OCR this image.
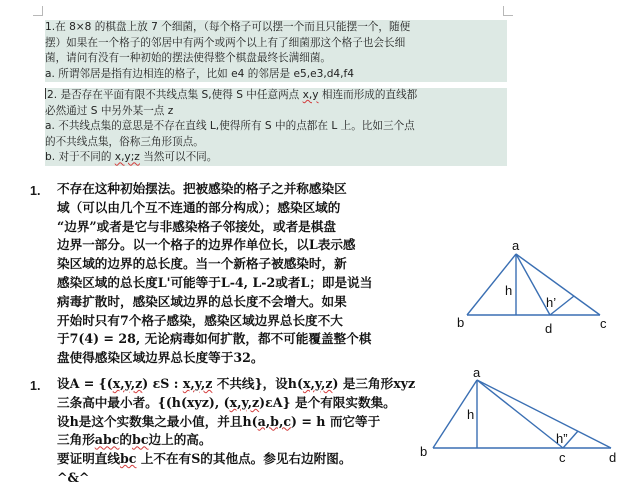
1.在 8×8 的棋盘上放 7 个细菌，（每个格子可以摆一个而且只能摆一个，随便

摆）如果在一个格子的邻居中有两个或两个以上有了细菌那这个格子也会长细

菌，请问有没有一种初始的摆法使得整个棋盘最终长满细菌。

a. 所谓邻居是指有边相连的格子，比如 e4 的邻居是 e5,e3,d4,f4

2. 是否存在平面有限不共线点集 S,使得 S 中任意两点 x,y 相连而形成的直线都

必然通过 S 中另外某一点 z

a. 不共线点集的意思是不存在直线 L,使得所有 S 中的点都在 L 上。比如三个点

的不共线点集，俗称三角形顶点。

b. 对于不同的 x,y;z 当然可以不同。

1. 不存在这种初始摆法。把被感染的格子之并称感染区

域（可以由几个互不连通的部分构成）；感染区域的

“边界”或者是它与非感染格子邻接处，或者是棋盘

边界一部分。以一个格子的边界作单位长，以L表示感

染区域的边界的总长度。当一个新格子被感染时，新

感染区域的总长度L'可能等于L-4, L-2或者L；即是说当

病毒扩散时，感染区域边界的总长度不会增大。如果

开始时只有7个格子感染，感染区域边界总长度不大

于7(4) = 28, 无论病毒如何扩散，都不可能覆盖整个棋

盘使得感染区域边界总长度等于32。

1. 设A = {(x,y,z) εS : x,y,z 不共线}，设h(x,y,z) 是三角形xyz

三条高中最小者。{(h(xyz), (x,y,z)εA} 是个有限实数集。

设h是这个实数集之最小值，并且h(a,b,c) = h 而它等于

三角形abc的bc边上的高。

要证明直线bc 上不在有S的其他点。参见右边附图。

^&^

a
b	c
d
h
h’
a
b	c	d
h
h”
